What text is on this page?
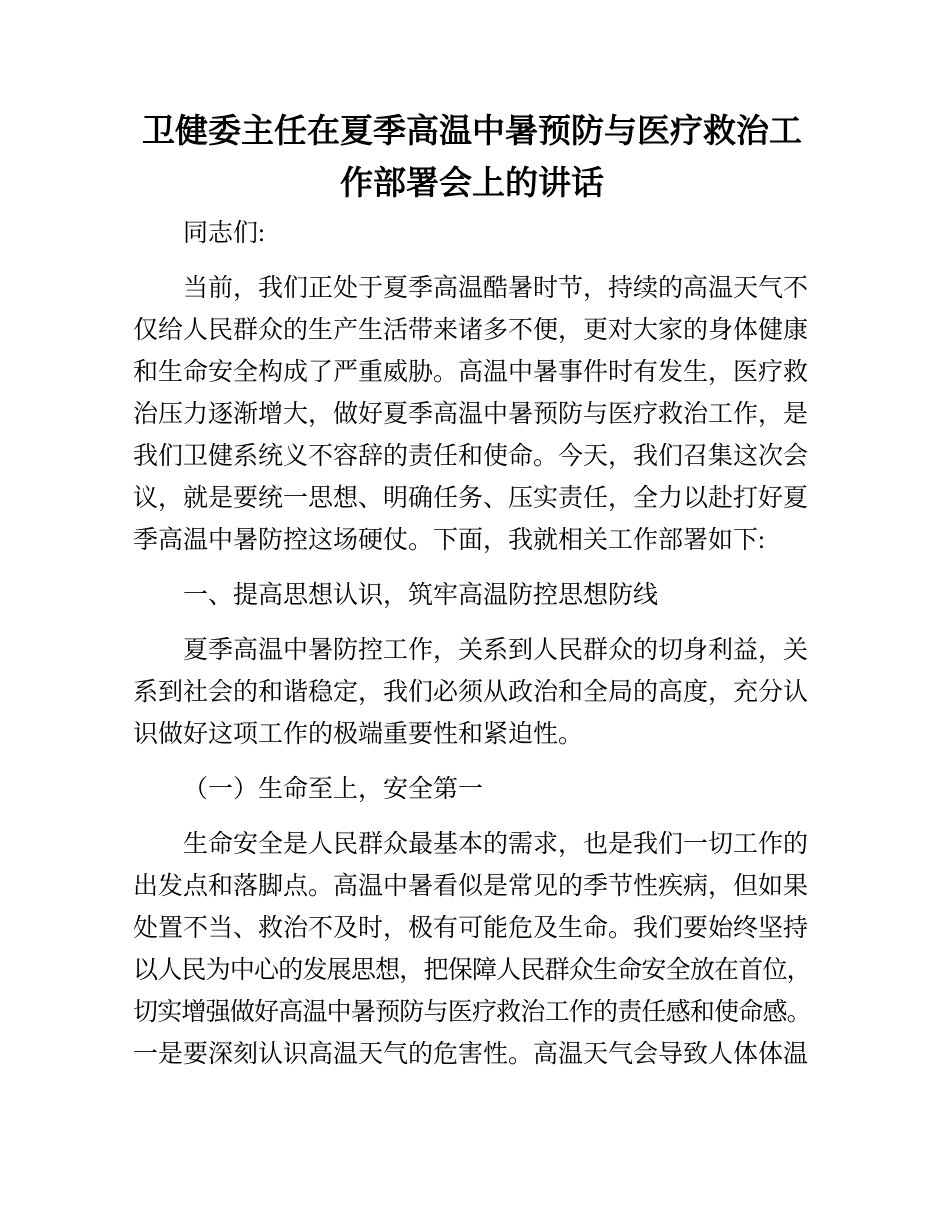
卫健委主任在夏季高温中暑预防与医疗救治工
作部署会上的讲话
同志们:
当前，我们正处于夏季高温酷暑时节，持续的高温天气不
仅给人民群众的生产生活带来诸多不便，更对大家的身体健康
和生命安全构成了严重威胁。高温中暑事件时有发生，医疗救
治压力逐渐增大，做好夏季高温中暑预防与医疗救治工作，是
我们卫健系统义不容辞的责任和使命。今天，我们召集这次会
议，就是要统一思想、明确任务、压实责任，全力以赴打好夏
季高温中暑防控这场硬仗。下面，我就相关工作部署如下:
一、提高思想认识，筑牢高温防控思想防线
夏季高温中暑防控工作，关系到人民群众的切身利益，关
系到社会的和谐稳定，我们必须从政治和全局的高度，充分认
识做好这项工作的极端重要性和紧迫性。
（一）生命至上，安全第一
生命安全是人民群众最基本的需求，也是我们一切工作的
出发点和落脚点。高温中暑看似是常见的季节性疾病，但如果
处置不当、救治不及时，极有可能危及生命。我们要始终坚持
以人民为中心的发展思想，把保障人民群众生命安全放在首位，
切实增强做好高温中暑预防与医疗救治工作的责任感和使命感。
一是要深刻认识高温天气的危害性。高温天气会导致人体体温
